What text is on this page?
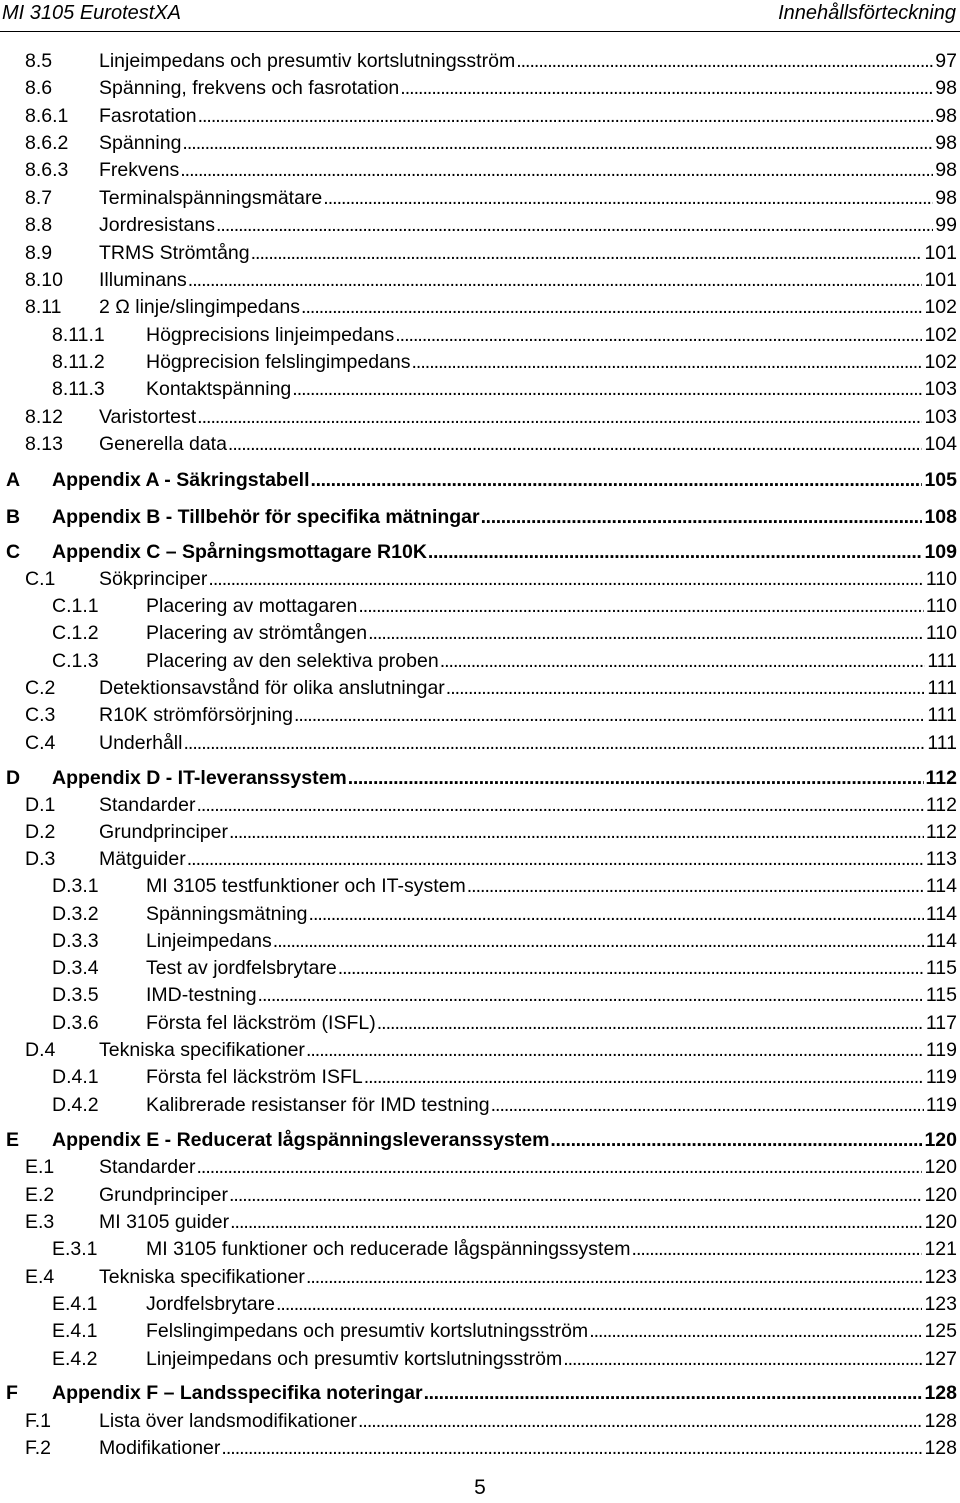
MI 3105 EurotestXA	Innehållsförteckning
8.5	Linjeimpedans och presumtiv kortslutningsström . . .	97
8.6	Spänning, frekvens och fasrotation . . .	98
8.6.1	Fasrotation . . .	98
8.6.2	Spänning . . .	98
8.6.3	Frekvens . . .	98
8.7	Terminalspänningsmätare . . .	98
8.8	Jordresistans . . .	99
8.9	TRMS Strömtång . . .	101
8.10	Illuminans . . .	101
8.11	2 Ω linje/slingimpedans . . .	102
8.11.1	Högprecisions linjeimpedans . . .	102
8.11.2	Högprecision felslingimpedans . . .	102
8.11.3	Kontaktspänning . . .	103
8.12	Varistortest . . .	103
8.13	Generella data . . .	104
A	Appendix A - Säkringstabell . . .	105
B	Appendix B - Tillbehör för specifika mätningar . . .	108
C	Appendix C – Spårningsmottagare R10K . . .	109
C.1	Sökprinciper . . .	110
C.1.1	Placering av mottagaren . . .	110
C.1.2	Placering av strömtången . . .	110
C.1.3	Placering av den selektiva proben . . .	111
C.2	Detektionsavstånd för olika anslutningar . . .	111
C.3	R10K strömförsörjning . . .	111
C.4	Underhåll . . .	111
D	Appendix D - IT-leveranssystem . . .	112
D.1	Standarder . . .	112
D.2	Grundprinciper . . .	112
D.3	Mätguider . . .	113
D.3.1	MI 3105 testfunktioner och IT-system . . .	114
D.3.2	Spänningsmätning . . .	114
D.3.3	Linjeimpedans . . .	114
D.3.4	Test av jordfelsbrytare . . .	115
D.3.5	IMD-testning . . .	115
D.3.6	Första fel läckström (ISFL) . . .	117
D.4	Tekniska specifikationer . . .	119
D.4.1	Första fel läckström ISFL . . .	119
D.4.2	Kalibrerade resistanser för IMD testning . . .	119
E	Appendix E - Reducerat lågspänningsleveranssystem . . .	120
E.1	Standarder . . .	120
E.2	Grundprinciper . . .	120
E.3	MI 3105 guider . . .	120
E.3.1	MI 3105 funktioner och reducerade lågspänningssystem . . .	121
E.4	Tekniska specifikationer . . .	123
E.4.1	Jordfelsbrytare . . .	123
E.4.1	Felslingimpedans och presumtiv kortslutningsström . . .	125
E.4.2	Linjeimpedans och presumtiv kortslutningsström . . .	127
F	Appendix F – Landsspecifika noteringar . . .	128
F.1	Lista över landsmodifikationer . . .	128
F.2	Modifikationer . . .	128
5
